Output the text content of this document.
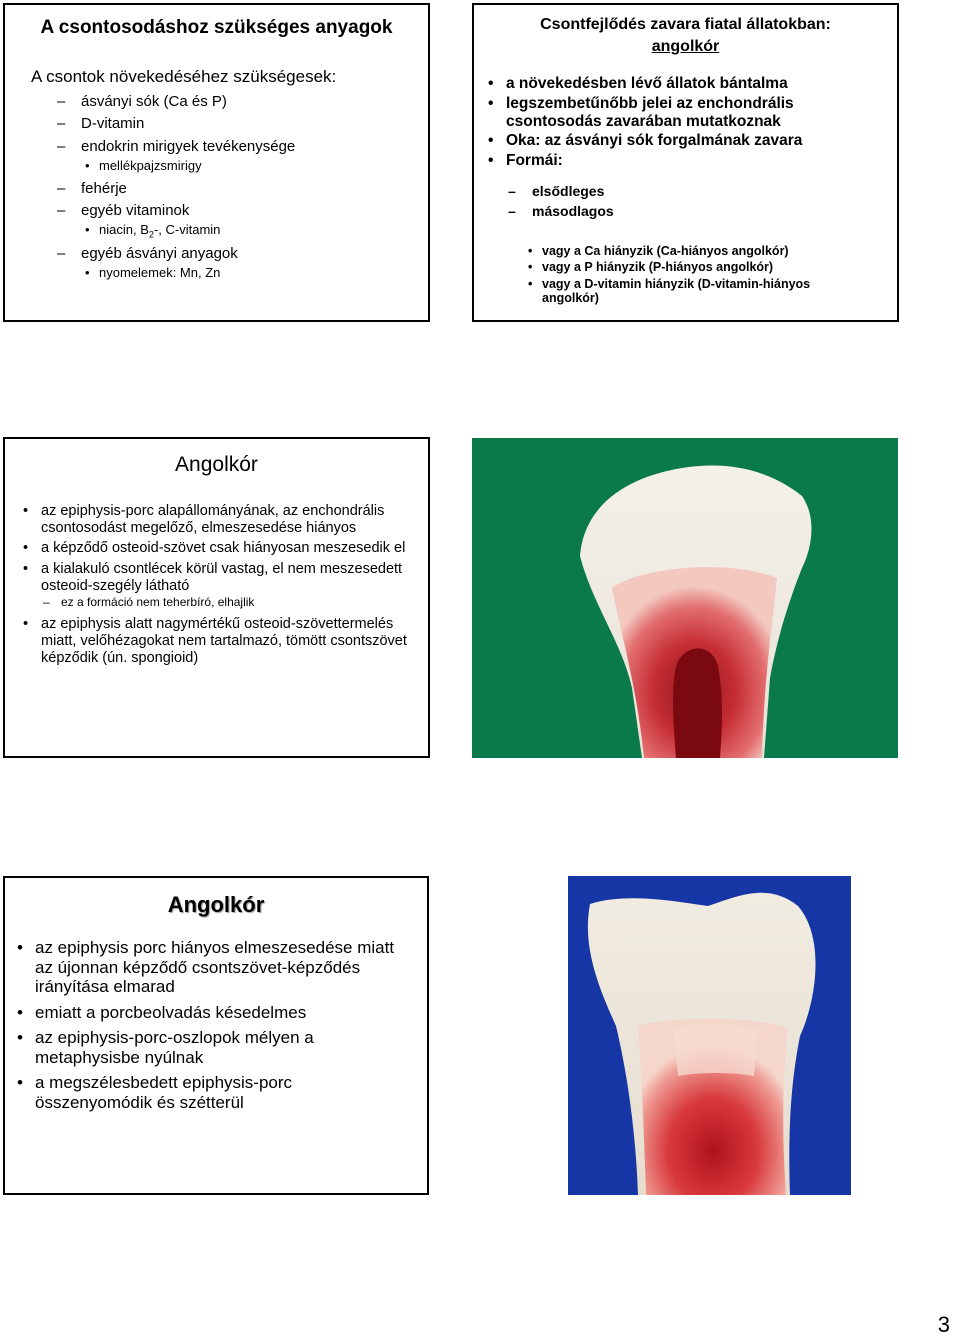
A csontosodáshoz szükséges anyagok
A csontok növekedéséhez szükségesek:
– ásványi sók (Ca és P)
– D-vitamin
– endokrin mirigyek tevékenysége
• mellékpajzsmirigy
– fehérje
– egyéb vitaminok
• niacin, $B_2-$, C-vitamin
– egyéb ásványi anyagok
• nyomelemek: Mn, Zn
Csontfejlődés zavara fiatal állatokban:
angolkór
• a növekedésben lévő állatok bántalma
• legszembetűnőbb jelei az enchondrális csontosodás zavarában mutatkoznak
• Oka: az ásványi sók forgalmának zavara
• Formái:
– elsődleges
– másodlagos
• vagy a Ca hiányzik (Ca-hiányos angolkór)
• vagy a P hiányzik (P-hiányos angolkór)
• vagy a D-vitamin hiányzik (D-vitamin-hiányos angolkór)
Angolkór
• az epiphysis-porc alapállományának, az enchondrális csontosodást megelőző, elmeszesedése hiányos
• a képződő osteoid-szövet csak hiányosan meszesedik el
• a kialakuló csontlécek körül vastag, el nem meszesedett osteoid-szegély látható
– ez a formáció nem teherbíró, elhajlik
• az epiphysis alatt nagymértékű osteoid-szövettermelés miatt, velőhézagokat nem tartalmazó, tömött csontszövet képződik (ún. spongioid)
Angolkór
• az epiphysis porc hiányos elmeszesedése miatt az újonnan képződő csontszövet-képződés irányítása elmarad
• emiatt a porcbeolvadás késedelmes
• az epiphysis-porc-oszlopok mélyen a metaphysisbe nyúlnak
• a megszélesbedett epiphysis-porc összenyomódik és szétterül
3
